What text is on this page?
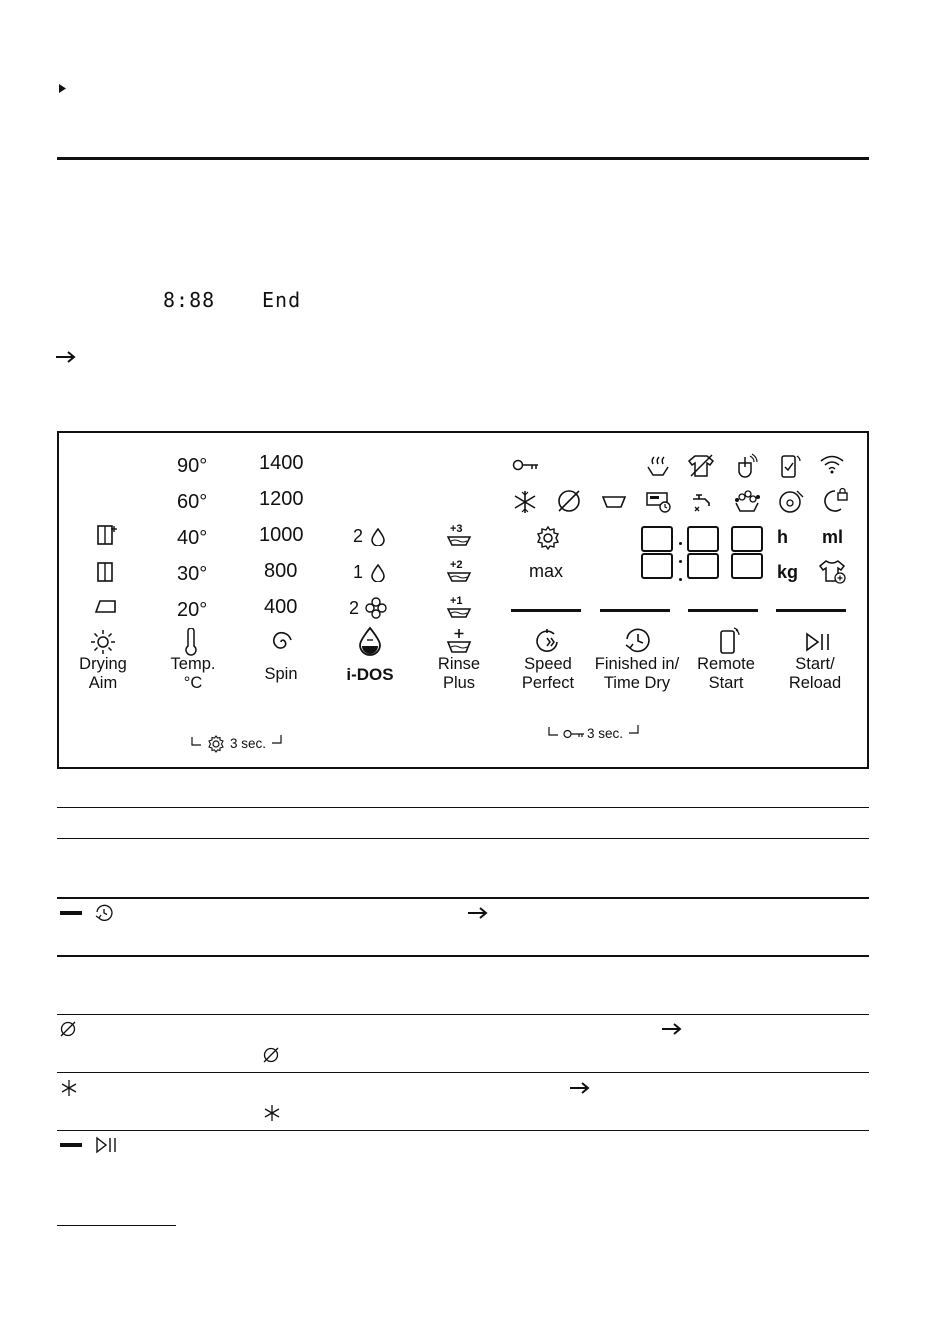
8:88 End
90°
60°
40°
30°
20°
1400
1200
1000
800
400
2
1
2
+3
+2
+1
max
h ml
kg
Drying
Aim
Temp.
°C	Spin	i-DOS
Rinse
Plus
Speed
Perfect
Finished in/
Time Dry
Remote
Start
Start/
Reload
3 sec.
3 sec.
